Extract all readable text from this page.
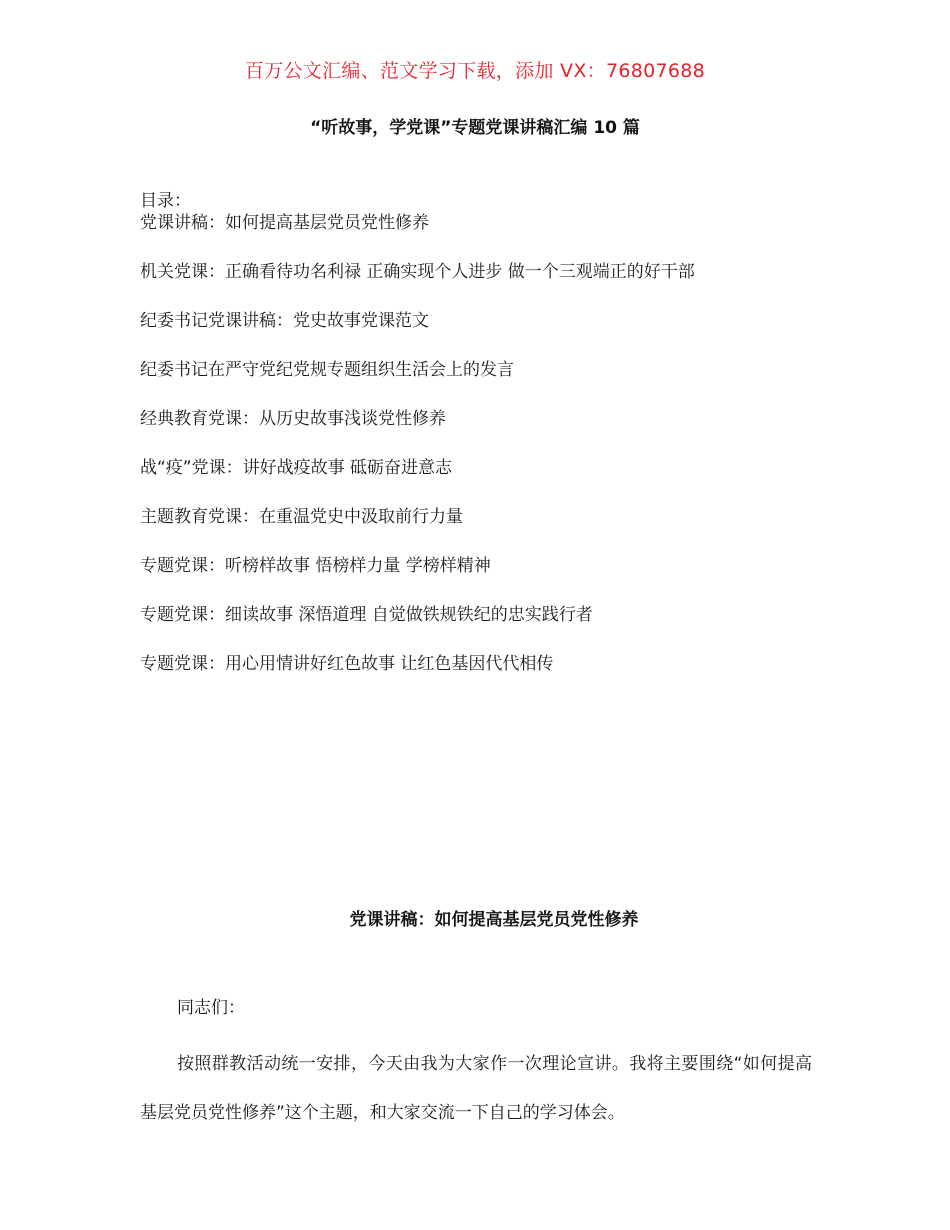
百万公文汇编、范文学习下载，添加 VX：76807688
“听故事，学党课”专题党课讲稿汇编 10 篇
目录：
党课讲稿：如何提高基层党员党性修养
机关党课：正确看待功名利禄 正确实现个人进步 做一个三观端正的好干部
纪委书记党课讲稿：党史故事党课范文
纪委书记在严守党纪党规专题组织生活会上的发言
经典教育党课：从历史故事浅谈党性修养
战“疫”党课：讲好战疫故事 砥砺奋进意志
主题教育党课：在重温党史中汲取前行力量
专题党课：听榜样故事 悟榜样力量 学榜样精神
专题党课：细读故事 深悟道理 自觉做铁规铁纪的忠实践行者
专题党课：用心用情讲好红色故事 让红色基因代代相传
党课讲稿：如何提高基层党员党性修养

同志们：

按照群教活动统一安排，今天由我为大家作一次理论宣讲。我将主要围绕“如何提高基层党员党性修养”这个主题，和大家交流一下自己的学习体会。
